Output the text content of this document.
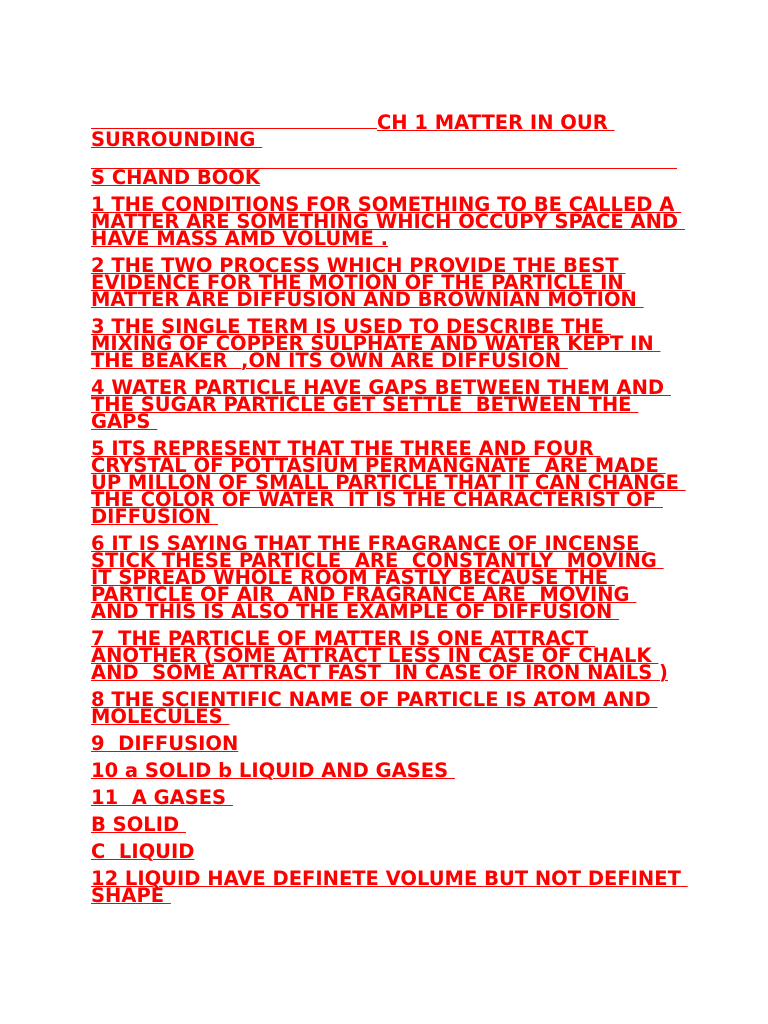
CH 1 MATTER IN OUR
SURROUNDING
S CHAND BOOK
1 THE CONDITIONS FOR SOMETHING TO BE CALLED A MATTER ARE SOMETHING WHICH OCCUPY SPACE AND HAVE MASS AMD VOLUME .
2 THE TWO PROCESS WHICH PROVIDE THE BEST EVIDENCE FOR THE MOTION OF THE PARTICLE IN MATTER ARE DIFFUSION AND BROWNIAN MOTION
3 THE SINGLE TERM IS USED TO DESCRIBE THE MIXING OF COPPER SULPHATE AND WATER KEPT IN THE BEAKER  ,ON ITS OWN ARE DIFFUSION
4 WATER PARTICLE HAVE GAPS BETWEEN THEM AND THE SUGAR PARTICLE GET SETTLE  BETWEEN THE GAPS
5 ITS REPRESENT THAT THE THREE AND FOUR CRYSTAL OF POTTASIUM PERMANGNATE  ARE MADE UP MILLON OF SMALL PARTICLE THAT IT CAN CHANGE THE COLOR OF WATER  IT IS THE CHARACTERIST OF DIFFUSION
6 IT IS SAYING THAT THE FRAGRANCE OF INCENSE STICK THESE PARTICLE  ARE  CONSTANTLY  MOVING IT SPREAD WHOLE ROOM FASTLY BECAUSE THE PARTICLE OF AIR  AND FRAGRANCE ARE  MOVING AND THIS IS ALSO THE EXAMPLE OF DIFFUSION
7  THE PARTICLE OF MATTER IS ONE ATTRACT ANOTHER (SOME ATTRACT LESS IN CASE OF CHALK AND  SOME ATTRACT FAST  IN CASE OF IRON NAILS )
8 THE SCIENTIFIC NAME OF PARTICLE IS ATOM AND MOLECULES
9  DIFFUSION
10 a SOLID b LIQUID AND GASES
11  A GASES
B SOLID
C  LIQUID
12 LIQUID HAVE DEFINETE VOLUME BUT NOT DEFINET SHAPE
